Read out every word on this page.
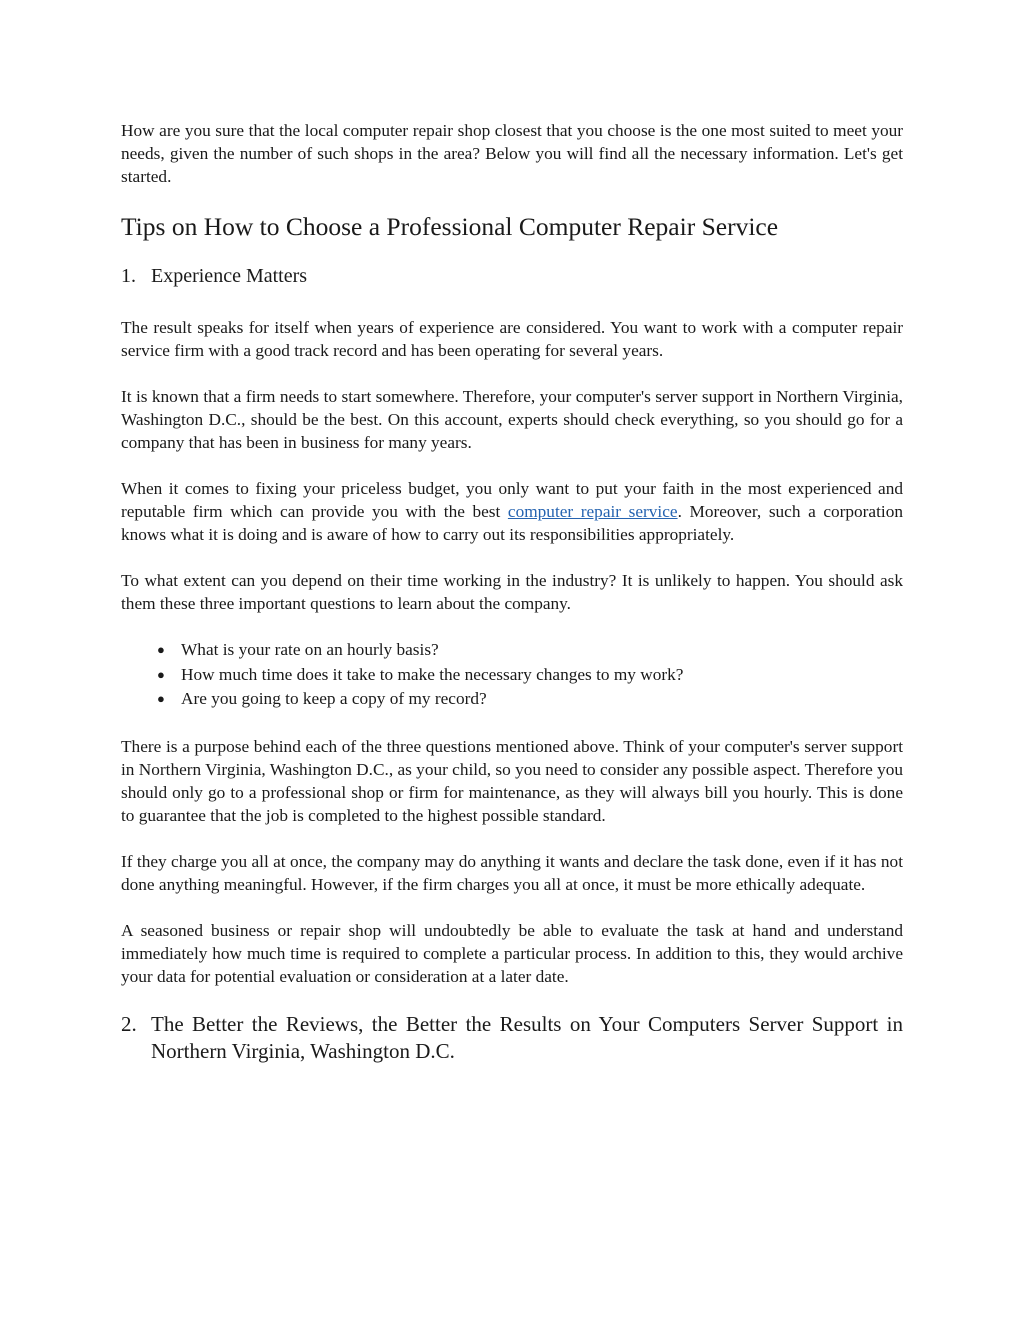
How are you sure that the local computer repair shop closest that you choose is the one most suited to meet your needs, given the number of such shops in the area? Below you will find all the necessary information. Let's get started.

Tips on How to Choose a Professional Computer Repair Service
1. Experience Matters

The result speaks for itself when years of experience are considered. You want to work with a computer repair service firm with a good track record and has been operating for several years.

It is known that a firm needs to start somewhere. Therefore, your computer's server support in Northern Virginia, Washington D.C., should be the best. On this account, experts should check everything, so you should go for a company that has been in business for many years.

When it comes to fixing your priceless budget, you only want to put your faith in the most experienced and reputable firm which can provide you with the best computer repair service. Moreover, such a corporation knows what it is doing and is aware of how to carry out its responsibilities appropriately.

To what extent can you depend on their time working in the industry? It is unlikely to happen. You should ask them these three important questions to learn about the company.

● What is your rate on an hourly basis?
● How much time does it take to make the necessary changes to my work?
● Are you going to keep a copy of my record?

There is a purpose behind each of the three questions mentioned above. Think of your computer's server support in Northern Virginia, Washington D.C., as your child, so you need to consider any possible aspect. Therefore you should only go to a professional shop or firm for maintenance, as they will always bill you hourly. This is done to guarantee that the job is completed to the highest possible standard.

If they charge you all at once, the company may do anything it wants and declare the task done, even if it has not done anything meaningful. However, if the firm charges you all at once, it must be more ethically adequate.

A seasoned business or repair shop will undoubtedly be able to evaluate the task at hand and understand immediately how much time is required to complete a particular process. In addition to this, they would archive your data for potential evaluation or consideration at a later date.

2. The Better the Reviews, the Better the Results on Your Computers Server Support in Northern Virginia, Washington D.C.
